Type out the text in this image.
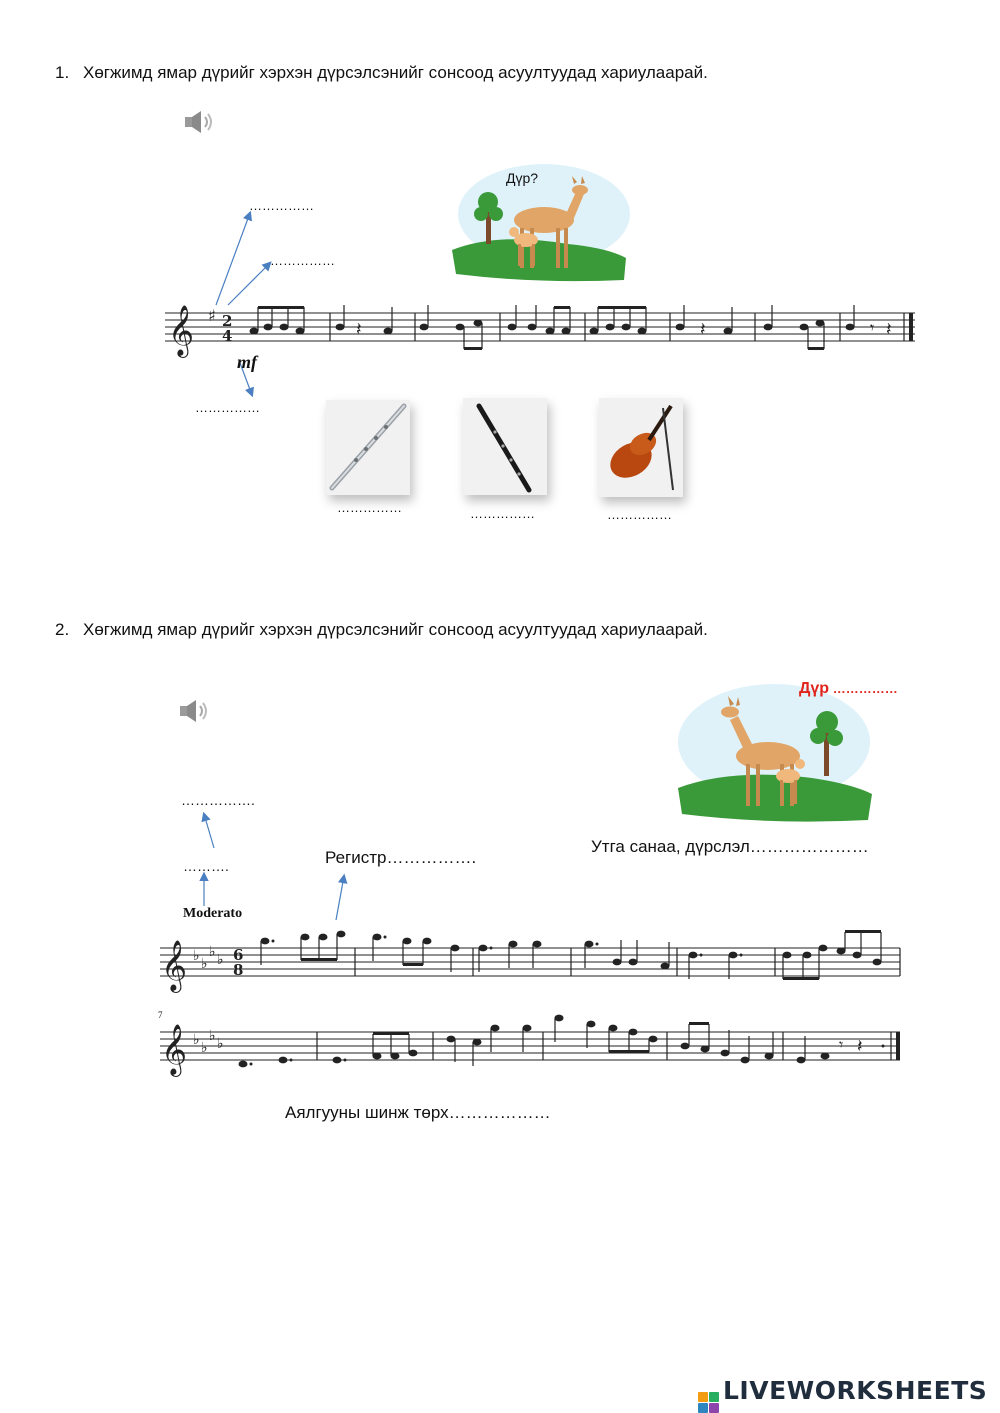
1. Хөгжимд ямар дүрийг хэрхэн дүрсэлсэнийг сонсоод асуултуудад хариулаарай.
Дүр?
……………
……………
……………
𝄞 ♯ 2
4	𝄽	𝄽	𝄾 𝄽
mf
……………	……………	……………
2. Хөгжимд ямар дүрийг хэрхэн дүрсэлсэнийг сонсоод асуултуудад хариулаарай.
Дүр ……………
…………….
……….	Регистр…………….
Утга санаа, дүрслэл…………………
Moderato
𝄞 ♭ ♭
♭ ♭ 6
8
7
𝄞 ♭ ♭
♭ ♭	𝄾 𝄽
Аялгууны шинж төрх………………
LIVEWORKSHEETS
